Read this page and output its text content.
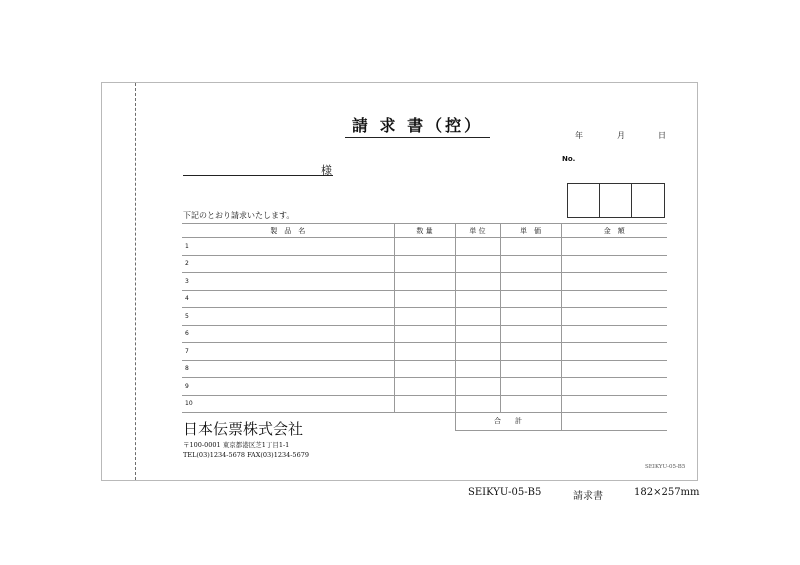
請 求 書（控）
年	月	日
No.
様
下記のとおり請求いたします。
製　品　名	数 量	単 位	単　価	金　額
1				
2				
3				
4				
5				
6				
7				
8				
9				
10				
		合　　計		
日本伝票株式会社
〒100-0001 東京都港区芝1丁目1-1
TEL(03)1234-5678 FAX(03)1234-5679
SEIKYU-05-B5
SEIKYU-05-B5	請求書	182×257mm
